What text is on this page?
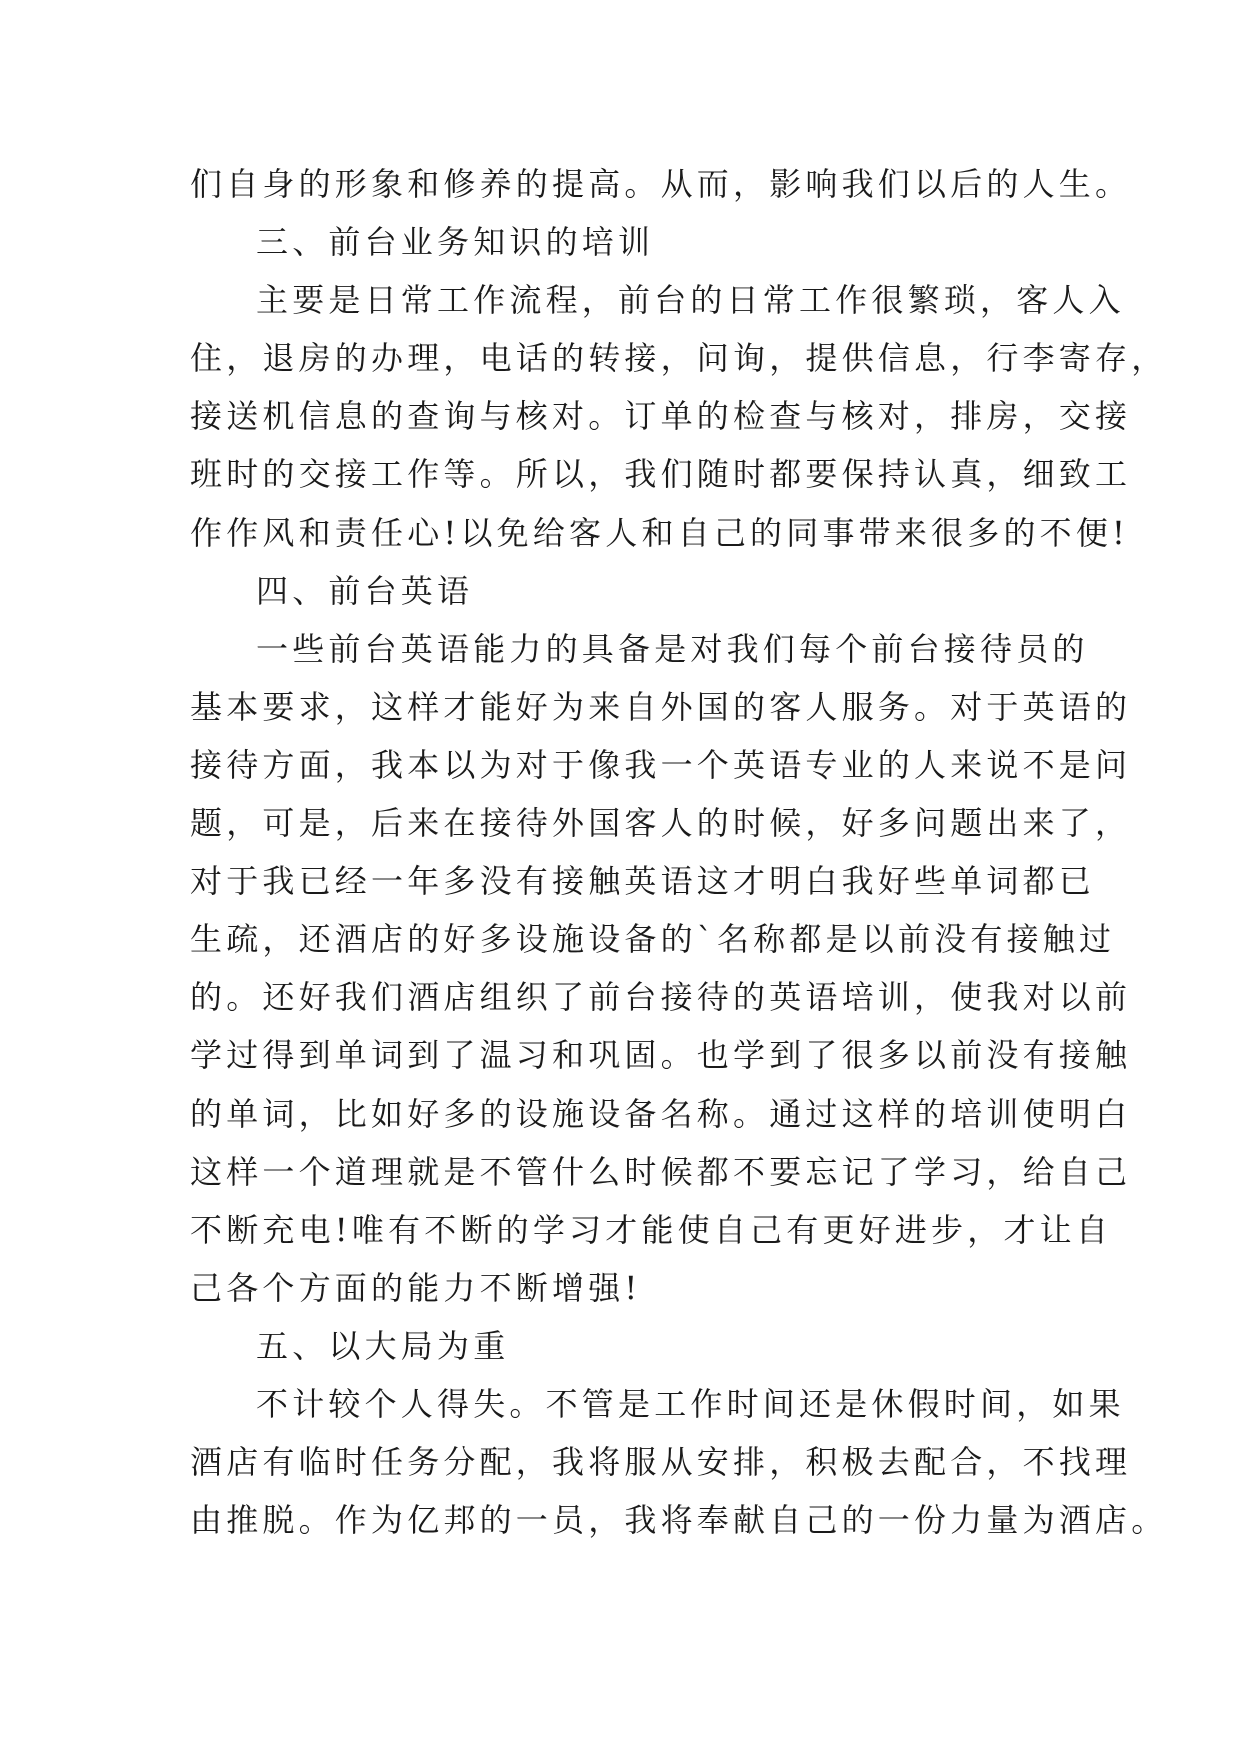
们自身的形象和修养的提高。从而，影响我们以后的人生。
三、前台业务知识的培训
主要是日常工作流程，前台的日常工作很繁琐，客人入
住，退房的办理，电话的转接，问询，提供信息，行李寄存，
接送机信息的查询与核对。订单的检查与核对，排房，交接
班时的交接工作等。所以，我们随时都要保持认真，细致工
作作风和责任心!以免给客人和自己的同事带来很多的不便!
四、前台英语
一些前台英语能力的具备是对我们每个前台接待员的
基本要求，这样才能好为来自外国的客人服务。对于英语的
接待方面，我本以为对于像我一个英语专业的人来说不是问
题，可是，后来在接待外国客人的时候，好多问题出来了，
对于我已经一年多没有接触英语这才明白我好些单词都已
生疏，还酒店的好多设施设备的`名称都是以前没有接触过
的。还好我们酒店组织了前台接待的英语培训，使我对以前
学过得到单词到了温习和巩固。也学到了很多以前没有接触
的单词，比如好多的设施设备名称。通过这样的培训使明白
这样一个道理就是不管什么时候都不要忘记了学习，给自己
不断充电!唯有不断的学习才能使自己有更好进步，才让自
己各个方面的能力不断增强!
五、以大局为重
不计较个人得失。不管是工作时间还是休假时间，如果
酒店有临时任务分配，我将服从安排，积极去配合，不找理
由推脱。作为亿邦的一员，我将奉献自己的一份力量为酒店。
